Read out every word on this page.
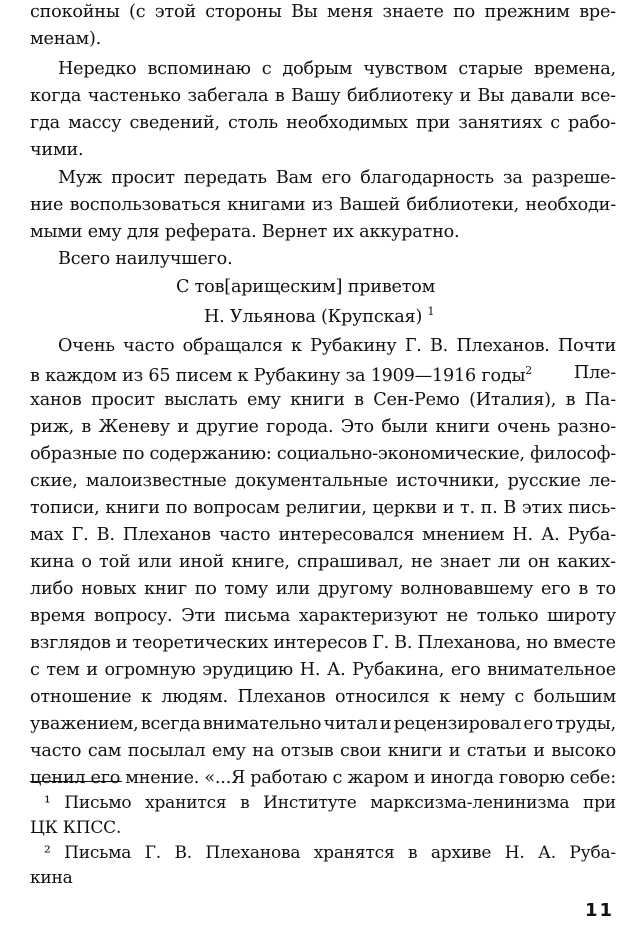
спокойны (с этой стороны Вы меня знаете по прежним вре-
менам).
Нередко вспоминаю с добрым чувством старые времена,
когда частенько забегала в Вашу библиотеку и Вы давали все-
гда массу сведений, столь необходимых при занятиях с рабо-
чими.
Муж просит передать Вам его благодарность за разреше-
ние воспользоваться книгами из Вашей библиотеки, необходи-
мыми ему для реферата. Вернет их аккуратно.
Всего наилучшего.
С тов[арищеским] приветом
Н. Ульянова (Крупская) $^1$
Очень часто обращался к Рубакину Г. В. Плеханов. Почти
в каждом из 65 писем к Рубакину за 1909—1916 годы$^2$ Пле-
ханов просит выслать ему книги в Сен-Ремо (Италия), в Па-
риж, в Женеву и другие города. Это были книги очень разно-
образные по содержанию: социально-экономические, философ-
ские, малоизвестные документальные источники, русские ле-
тописи, книги по вопросам религии, церкви и т. п. В этих пись-
мах Г. В. Плеханов часто интересовался мнением Н. А. Руба-
кина о той или иной книге, спрашивал, не знает ли он каких-
либо новых книг по тому или другому волновавшему его в то
время вопросу. Эти письма характеризуют не только широту
взглядов и теоретических интересов Г. В. Плеханова, но вместе
с тем и огромную эрудицию Н. А. Рубакина, его внимательное
отношение к людям. Плеханов относился к нему с большим
уважением, всегда внимательно читал и рецензировал его труды,
часто сам посылал ему на отзыв свои книги и статьи и высоко
ценил его мнение. «...Я работаю с жаром и иногда говорю себе:
¹ Письмо хранится в Институте марксизма-ленинизма при
ЦК КПСС.
² Письма Г. В. Плеханова хранятся в архиве Н. А. Руба-
кина
11
